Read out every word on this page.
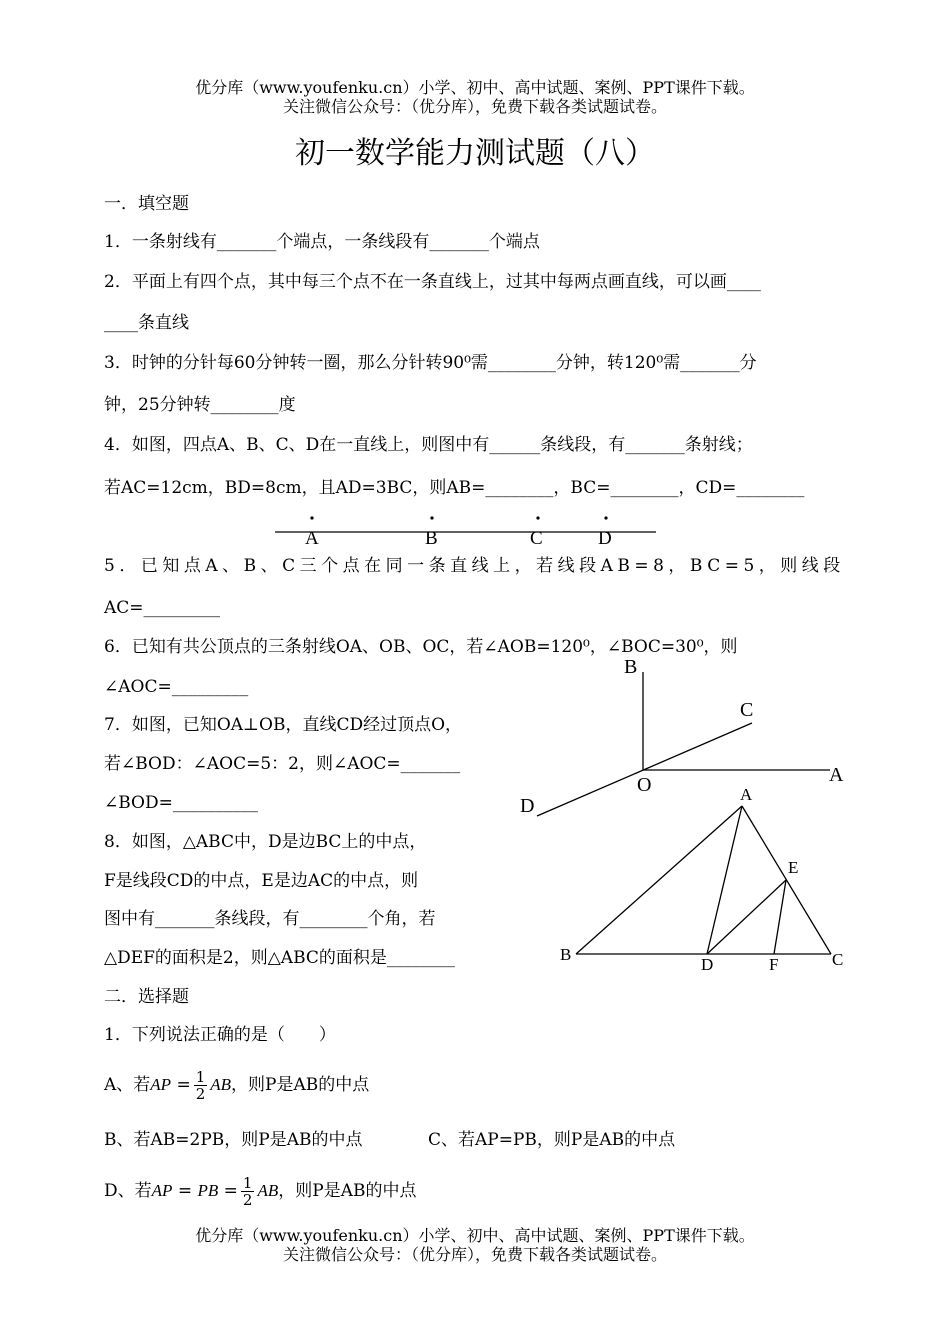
优分库（www.youfenku.cn）小学、初中、高中试题、案例、PPT课件下载。
关注微信公众号：（优分库），免费下载各类试题试卷。
初一数学能力测试题（八）
一．填空题
1．一条射线有_______个端点，一条线段有_______个端点
2．平面上有四个点，其中每三个点不在一条直线上，过其中每两点画直线，可以画____
____条直线
3．时钟的分针每60分钟转一圈，那么分针转90⁰需________分钟，转120⁰需_______分
钟，25分钟转________度
4．如图，四点A、B、C、D在一直线上，则图中有______条线段，有_______条射线；
若AC=12cm，BD=8cm，且AD=3BC，则AB=________，BC=________，CD=________
A	B	C	D
5．已知点A、B、C三个点在同一条直线上，若线段AB=8，BC=5，则线段
AC=_________
6．已知有共公顶点的三条射线OA、OB、OC，若∠AOB=120⁰，∠BOC=30⁰，则
∠AOC=_________
7．如图，已知OA⊥OB，直线CD经过顶点O，
若∠BOD：∠AOC=5：2，则∠AOC=_______
∠BOD=__________
8．如图，△ABC中，D是边BC上的中点，
F是线段CD的中点，E是边AC的中点，则
图中有_______条线段，有________个角，若
△DEF的面积是2，则△ABC的面积是________
B
C
O	A
D
A
B	C
D
E
F
二．选择题
1．下列说法正确的是（　　）
A、若AP = $\frac{1}{2}$ AB，则P是AB的中点
B、若AB=2PB，则P是AB的中点	C、若AP=PB，则P是AB的中点
D、若AP = PB = $\frac{1}{2}$ AB，则P是AB的中点
优分库（www.youfenku.cn）小学、初中、高中试题、案例、PPT课件下载。
关注微信公众号：（优分库），免费下载各类试题试卷。
